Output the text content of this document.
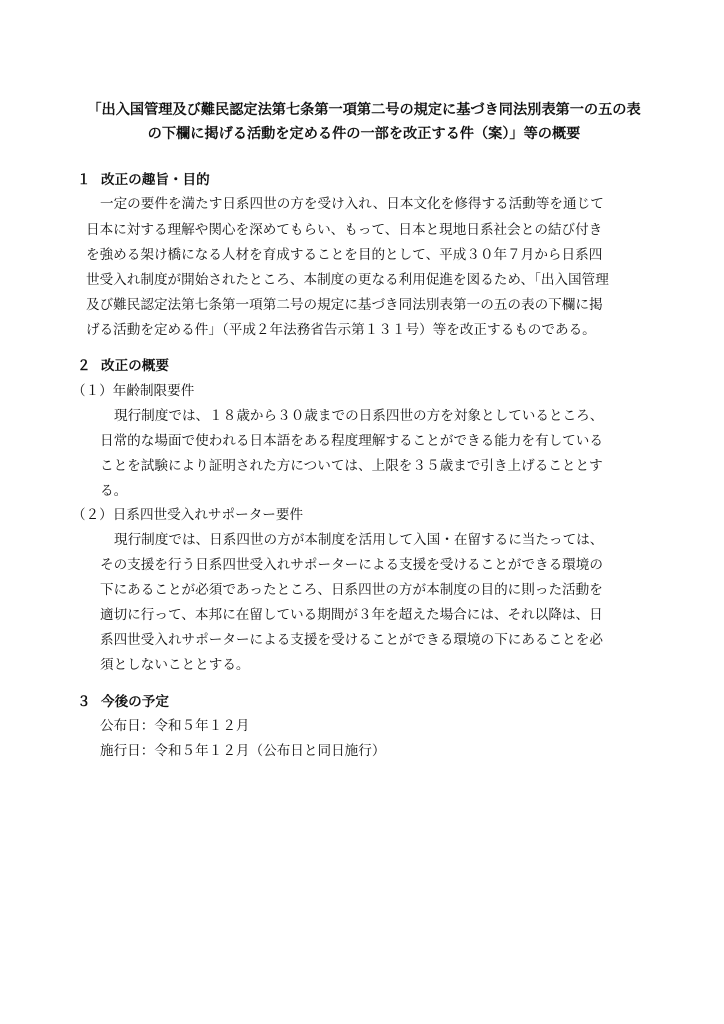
「出入国管理及び難民認定法第七条第一項第二号の規定に基づき同法別表第一の五の表
の下欄に掲げる活動を定める件の一部を改正する件（案）」等の概要
１ 改正の趣旨・目的
一定の要件を満たす日系四世の方を受け入れ、日本文化を修得する活動等を通じて
日本に対する理解や関心を深めてもらい、もって、日本と現地日系社会との結び付き
を強める架け橋になる人材を育成することを目的として、平成３０年７月から日系四
世受入れ制度が開始されたところ、本制度の更なる利用促進を図るため、「出入国管理
及び難民認定法第七条第一項第二号の規定に基づき同法別表第一の五の表の下欄に掲
げる活動を定める件」（平成２年法務省告示第１３１号）等を改正するものである。
２ 改正の概要
（１）年齢制限要件
現行制度では、１８歳から３０歳までの日系四世の方を対象としているところ、
日常的な場面で使われる日本語をある程度理解することができる能力を有している
ことを試験により証明された方については、上限を３５歳まで引き上げることとす
る。
（２）日系四世受入れサポーター要件
現行制度では、日系四世の方が本制度を活用して入国・在留するに当たっては、
その支援を行う日系四世受入れサポーターによる支援を受けることができる環境の
下にあることが必須であったところ、日系四世の方が本制度の目的に則った活動を
適切に行って、本邦に在留している期間が３年を超えた場合には、それ以降は、日
系四世受入れサポーターによる支援を受けることができる環境の下にあることを必
須としないこととする。
３ 今後の予定
公布日：令和５年１２月
施行日：令和５年１２月（公布日と同日施行）
